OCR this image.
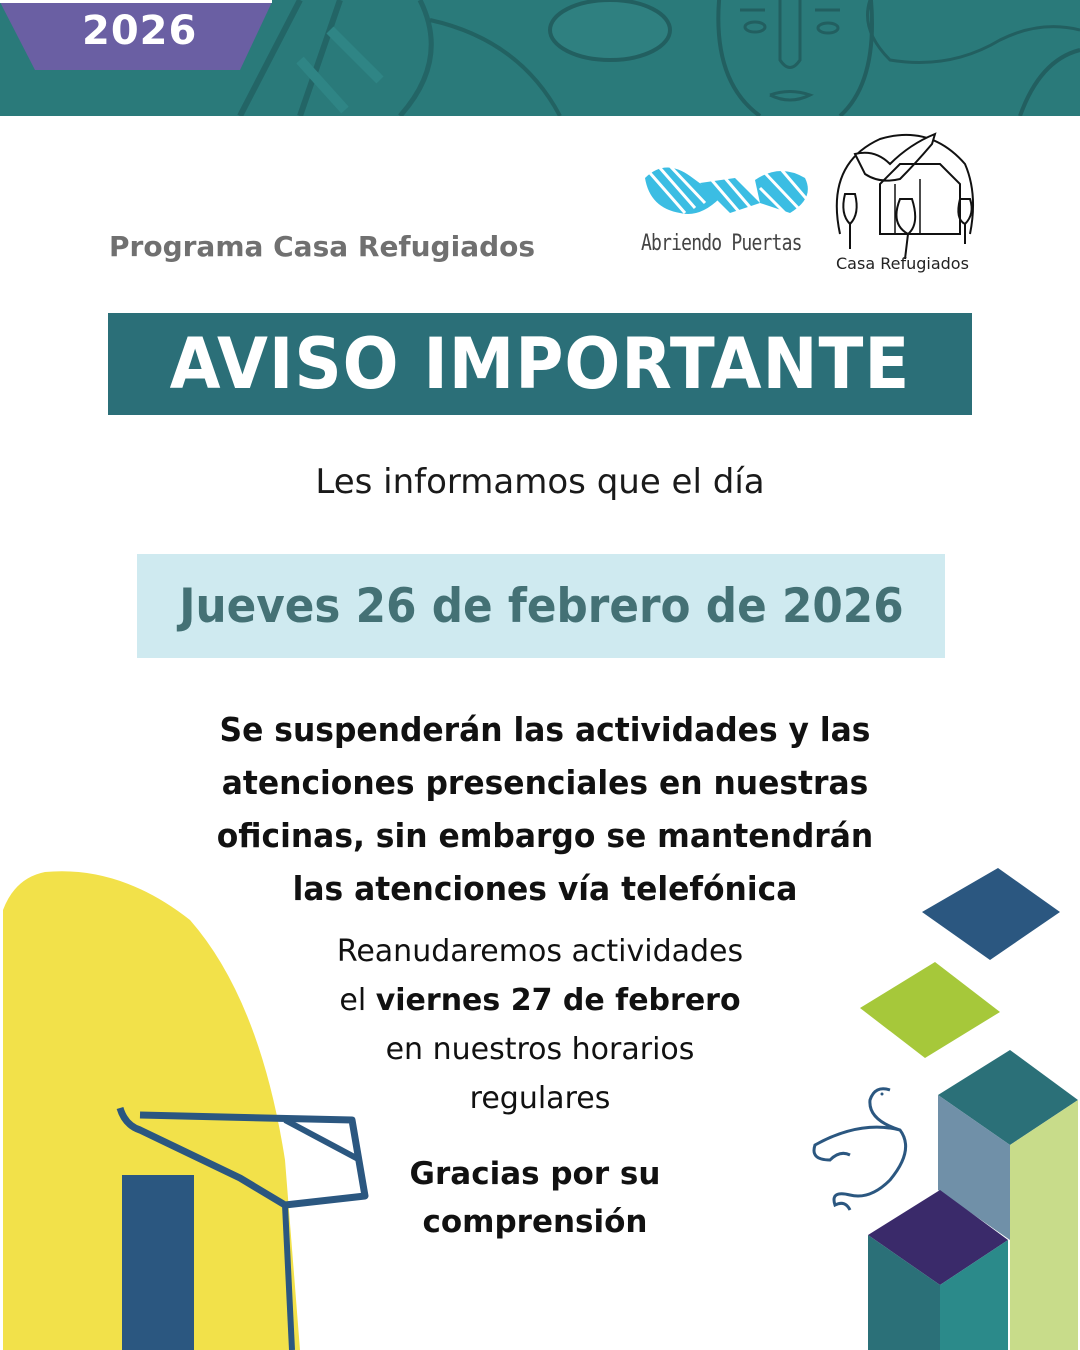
2026
Programa Casa Refugiados	Abriendo Puertas
Casa Refugiados
AVISO IMPORTANTE
Les informamos que el día
Jueves 26 de febrero de 2026
Se suspenderán las actividades y las
atenciones presenciales en nuestras
oficinas, sin embargo se mantendrán
las atenciones vía telefónica
Reanudaremos actividades
el viernes 27 de febrero
en nuestros horarios
regulares
Gracias por su
comprensión
